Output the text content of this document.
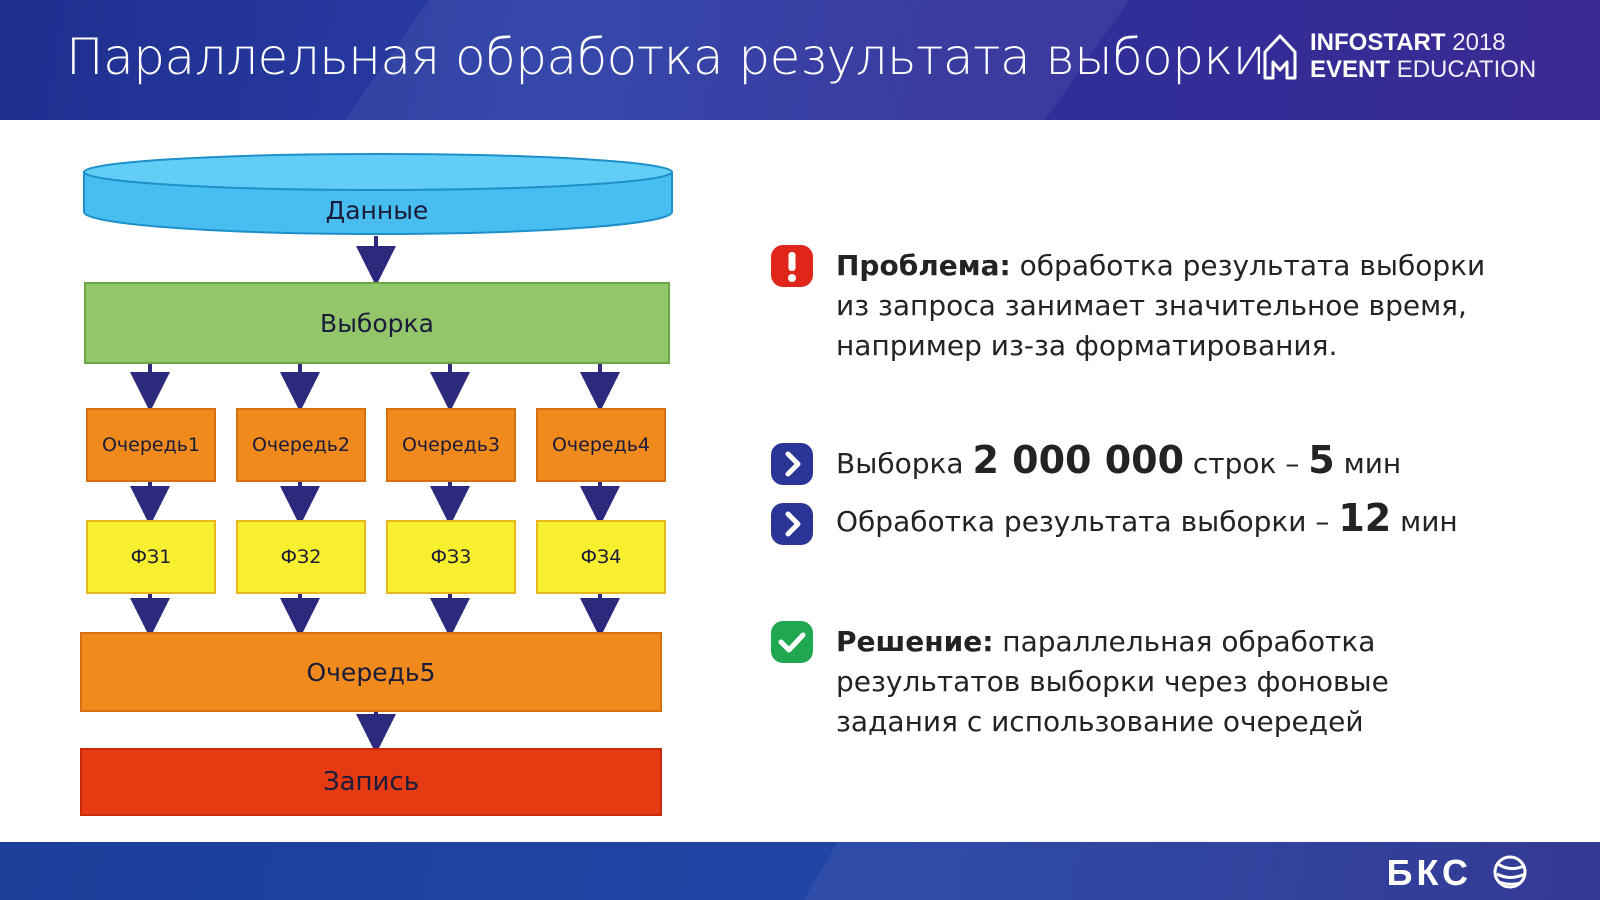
Параллельная обработка результата выборки INFOSTART 2018
EVENT EDUCATION
Данные
Выборка
Очередь1	Очередь2	Очередь3	Очередь4
ФЗ1	ФЗ2	ФЗ3	ФЗ4
Очередь5
Запись
Проблема: обработка результата выборки
из запроса занимает значительное время,
например из-за форматирования.
Выборка 2 000 000 строк – 5 мин
Обработка результата выборки – 12 мин
Решение: параллельная обработка
результатов выборки через фоновые
задания с использование очередей
БКС
